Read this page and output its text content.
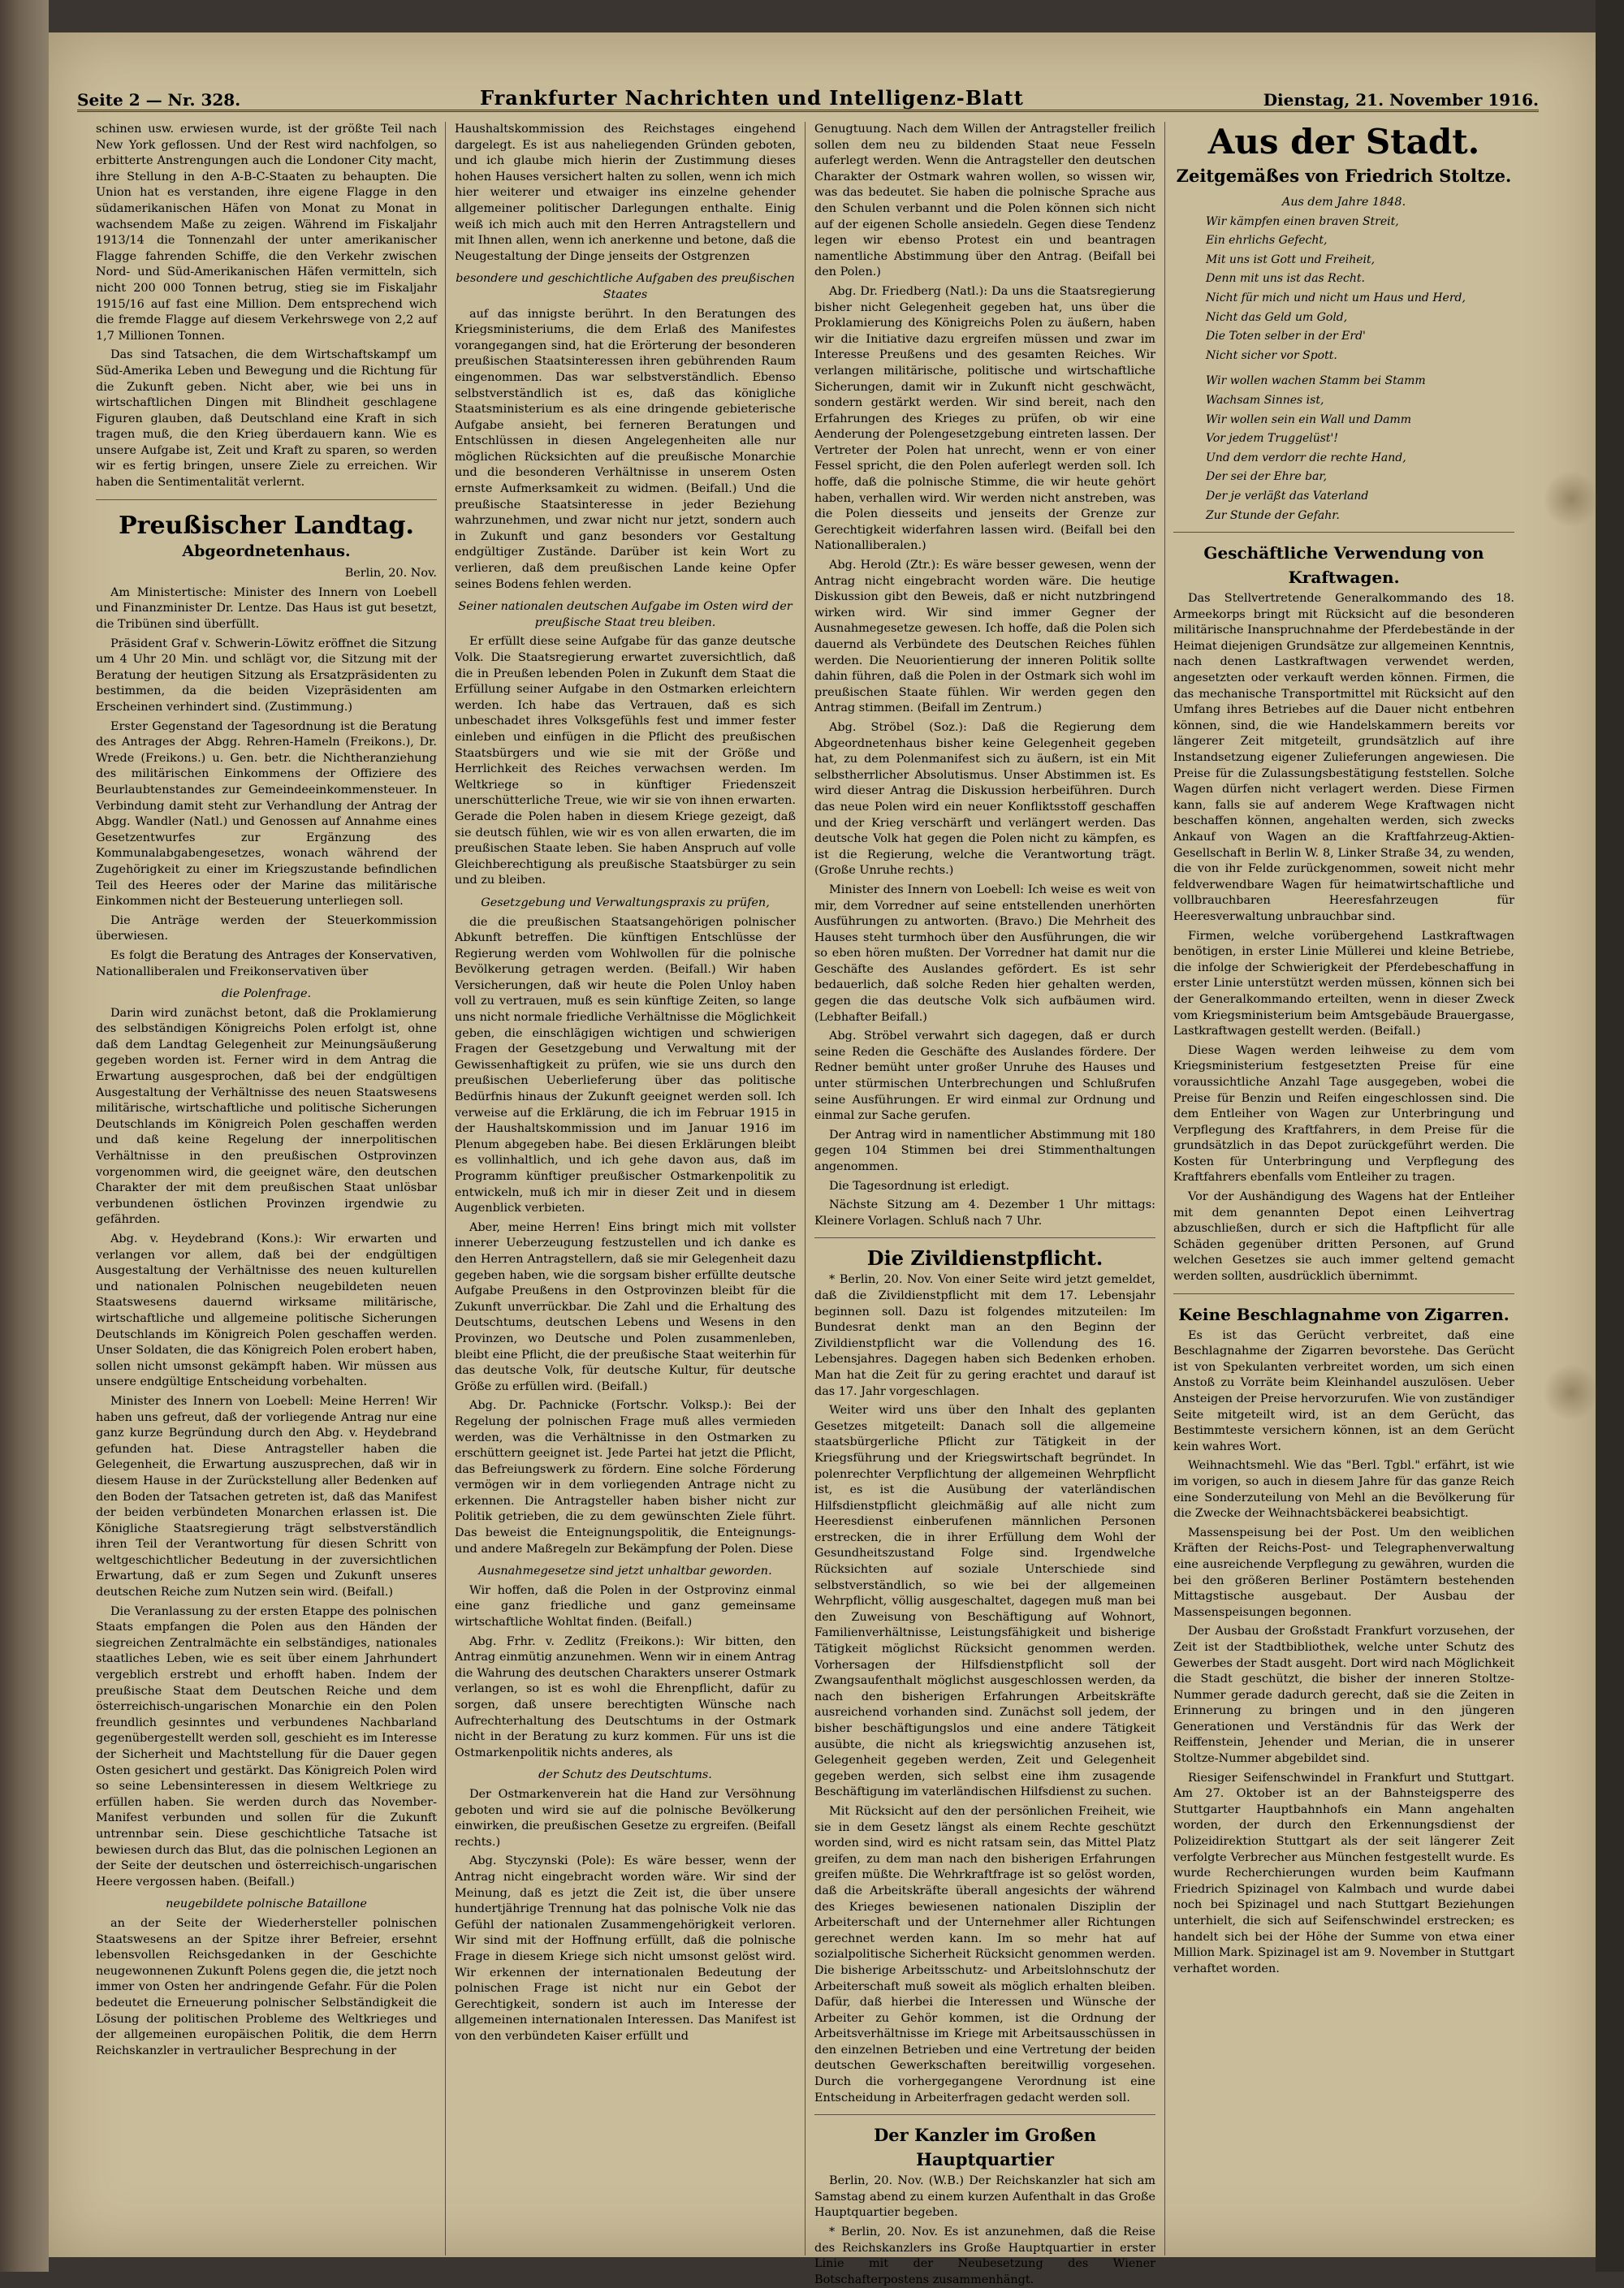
Seite 2 — Nr. 328.	Frankfurter Nachrichten und Intelligenz-Blatt	Dienstag, 21. November 1916.

schinen usw. erwiesen wurde, ist der größte Teil nach New York geflossen. Und der Rest wird nachfolgen, so erbitterte Anstrengungen auch die Londoner City macht, ihre Stellung in den A-B-C-Staaten zu behaupten. Die Union hat es verstanden, ihre eigene Flagge in den südamerikanischen Häfen von Monat zu Monat in wachsendem Maße zu zeigen. Während im Fiskaljahr 1913/14 die Tonnenzahl der unter amerikanischer Flagge fahrenden Schiffe, die den Verkehr zwischen Nord- und Süd-Amerikanischen Häfen vermitteln, sich nicht 200 000 Tonnen betrug, stieg sie im Fiskaljahr 1915/16 auf fast eine Million. Dem entsprechend wich die fremde Flagge auf diesem Verkehrswege von 2,2 auf 1,7 Millionen Tonnen.

Das sind Tatsachen, die dem Wirtschaftskampf um Süd-Amerika Leben und Bewegung und die Richtung für die Zukunft geben. Nicht aber, wie bei uns in wirtschaftlichen Dingen mit Blindheit geschlagene Figuren glauben, daß Deutschland eine Kraft in sich tragen muß, die den Krieg überdauern kann. Wie es unsere Aufgabe ist, Zeit und Kraft zu sparen, so werden wir es fertig bringen, unsere Ziele zu erreichen. Wir haben die Sentimentalität verlernt.

Preußischer Landtag.
Abgeordnetenhaus.

Berlin, 20. Nov.

Am Ministertische: Minister des Innern von Loebell und Finanzminister Dr. Lentze. Das Haus ist gut besetzt, die Tribünen sind überfüllt.

Präsident Graf v. Schwerin-Löwitz eröffnet die Sitzung um 4 Uhr 20 Min. und schlägt vor, die Sitzung mit der Beratung der heutigen Sitzung als Ersatzpräsidenten zu bestimmen, da die beiden Vizepräsidenten am Erscheinen verhindert sind. (Zustimmung.)

Erster Gegenstand der Tagesordnung ist die Beratung des Antrages der Abgg. Rehren-Hameln (Freikons.), Dr. Wrede (Freikons.) u. Gen. betr. die Nichtheranziehung des militärischen Einkommens der Offiziere des Beurlaubtenstandes zur Gemeindeeinkommensteuer. In Verbindung damit steht zur Verhandlung der Antrag der Abgg. Wandler (Natl.) und Genossen auf Annahme eines Gesetzentwurfes zur Ergänzung des Kommunalabgabengesetzes, wonach während der Zugehörigkeit zu einer im Kriegszustande befindlichen Teil des Heeres oder der Marine das militärische Einkommen nicht der Besteuerung unterliegen soll.

Die Anträge werden der Steuerkommission überwiesen.

Es folgt die Beratung des Antrages der Konservativen, Nationalliberalen und Freikonservativen über

die Polenfrage.

Darin wird zunächst betont, daß die Proklamierung des selbständigen Königreichs Polen erfolgt ist, ohne daß dem Landtag Gelegenheit zur Meinungsäußerung gegeben worden ist. Ferner wird in dem Antrag die Erwartung ausgesprochen, daß bei der endgültigen Ausgestaltung der Verhältnisse des neuen Staatswesens militärische, wirtschaftliche und politische Sicherungen Deutschlands im Königreich Polen geschaffen werden und daß keine Regelung der innerpolitischen Verhältnisse in den preußischen Ostprovinzen vorgenommen wird, die geeignet wäre, den deutschen Charakter der mit dem preußischen Staat unlösbar verbundenen östlichen Provinzen irgendwie zu gefährden.

Abg. v. Heydebrand (Kons.): Wir erwarten und verlangen vor allem, daß bei der endgültigen Ausgestaltung der Verhältnisse des neuen kulturellen und nationalen Polnischen neugebildeten neuen Staatswesens dauernd wirksame militärische, wirtschaftliche und allgemeine politische Sicherungen Deutschlands im Königreich Polen geschaffen werden. Unser Soldaten, die das Königreich Polen erobert haben, sollen nicht umsonst gekämpft haben. Wir müssen aus unsere endgültige Entscheidung vorbehalten.

Minister des Innern von Loebell: Meine Herren! Wir haben uns gefreut, daß der vorliegende Antrag nur eine ganz kurze Begründung durch den Abg. v. Heydebrand gefunden hat. Diese Antragsteller haben die Gelegenheit, die Erwartung auszusprechen, daß wir in diesem Hause in der Zurückstellung aller Bedenken auf den Boden der Tatsachen getreten ist, daß das Manifest der beiden verbündeten Monarchen erlassen ist. Die Königliche Staatsregierung trägt selbstverständlich ihren Teil der Verantwortung für diesen Schritt von weltgeschichtlicher Bedeutung in der zuversichtlichen Erwartung, daß er zum Segen und Zukunft unseres deutschen Reiche zum Nutzen sein wird. (Beifall.)

Die Veranlassung zu der ersten Etappe des polnischen Staats empfangen die Polen aus den Händen der siegreichen Zentralmächte ein selbständiges, nationales staatliches Leben, wie es seit über einem Jahrhundert vergeblich erstrebt und erhofft haben. Indem der preußische Staat dem Deutschen Reiche und dem österreichisch-ungarischen Monarchie ein den Polen freundlich gesinntes und verbundenes Nachbarland gegenübergestellt werden soll, geschieht es im Interesse der Sicherheit und Machtstellung für die Dauer gegen Osten gesichert und gestärkt. Das Königreich Polen wird so seine Lebensinteressen in diesem Weltkriege zu erfüllen haben. Sie werden durch das November-Manifest verbunden und sollen für die Zukunft untrennbar sein. Diese geschichtliche Tatsache ist bewiesen durch das Blut, das die polnischen Legionen an der Seite der deutschen und österreichisch-ungarischen Heere vergossen haben. (Beifall.)

neugebildete polnische Bataillone

an der Seite der Wiederhersteller polnischen Staatswesens an der Spitze ihrer Befreier, ersehnt lebensvollen Reichsgedanken in der Geschichte neugewonnenen Zukunft Polens gegen die, die jetzt noch immer von Osten her andringende Gefahr. Für die Polen bedeutet die Erneuerung polnischer Selbständigkeit die Lösung der politischen Probleme des Weltkrieges und der allgemeinen europäischen Politik, die dem Herrn Reichskanzler in vertraulicher Besprechung in der

Haushaltskommission des Reichstages eingehend dargelegt. Es ist aus naheliegenden Gründen geboten, und ich glaube mich hierin der Zustimmung dieses hohen Hauses versichert halten zu sollen, wenn ich mich hier weiterer und etwaiger ins einzelne gehender allgemeiner politischer Darlegungen enthalte. Einig weiß ich mich auch mit den Herren Antragstellern und mit Ihnen allen, wenn ich anerkenne und betone, daß die Neugestaltung der Dinge jenseits der Ostgrenzen

besondere und geschichtliche Aufgaben des preußischen Staates

auf das innigste berührt. In den Beratungen des Kriegsministeriums, die dem Erlaß des Manifestes vorangegangen sind, hat die Erörterung der besonderen preußischen Staatsinteressen ihren gebührenden Raum eingenommen. Das war selbstverständlich. Ebenso selbstverständlich ist es, daß das königliche Staatsministerium es als eine dringende gebieterische Aufgabe ansieht, bei ferneren Beratungen und Entschlüssen in diesen Angelegenheiten alle nur möglichen Rücksichten auf die preußische Monarchie und die besonderen Verhältnisse in unserem Osten ernste Aufmerksamkeit zu widmen. (Beifall.) Und die preußische Staatsinteresse in jeder Beziehung wahrzunehmen, und zwar nicht nur jetzt, sondern auch in Zukunft und ganz besonders vor Gestaltung endgültiger Zustände. Darüber ist kein Wort zu verlieren, daß dem preußischen Lande keine Opfer seines Bodens fehlen werden.

Seiner nationalen deutschen Aufgabe im Osten wird der preußische Staat treu bleiben.

Er erfüllt diese seine Aufgabe für das ganze deutsche Volk. Die Staatsregierung erwartet zuversichtlich, daß die in Preußen lebenden Polen in Zukunft dem Staat die Erfüllung seiner Aufgabe in den Ostmarken erleichtern werden. Ich habe das Vertrauen, daß es sich unbeschadet ihres Volksgefühls fest und immer fester einleben und einfügen in die Pflicht des preußischen Staatsbürgers und wie sie mit der Größe und Herrlichkeit des Reiches verwachsen werden. Im Weltkriege so in künftiger Friedenszeit unerschütterliche Treue, wie wir sie von ihnen erwarten. Gerade die Polen haben in diesem Kriege gezeigt, daß sie deutsch fühlen, wie wir es von allen erwarten, die im preußischen Staate leben. Sie haben Anspruch auf volle Gleichberechtigung als preußische Staatsbürger zu sein und zu bleiben.

Gesetzgebung und Verwaltungspraxis zu prüfen,

die die preußischen Staatsangehörigen polnischer Abkunft betreffen. Die künftigen Entschlüsse der Regierung werden vom Wohlwollen für die polnische Bevölkerung getragen werden. (Beifall.) Wir haben Versicherungen, daß wir heute die Polen Unloy haben voll zu vertrauen, muß es sein künftige Zeiten, so lange uns nicht normale friedliche Verhältnisse die Möglichkeit geben, die einschlägigen wichtigen und schwierigen Fragen der Gesetzgebung und Verwaltung mit der Gewissenhaftigkeit zu prüfen, wie sie uns durch den preußischen Ueberlieferung über das politische Bedürfnis hinaus der Zukunft geeignet werden soll. Ich verweise auf die Erklärung, die ich im Februar 1915 in der Haushaltskommission und im Januar 1916 im Plenum abgegeben habe. Bei diesen Erklärungen bleibt es vollinhaltlich, und ich gehe davon aus, daß im Programm künftiger preußischer Ostmarkenpolitik zu entwickeln, muß ich mir in dieser Zeit und in diesem Augenblick verbieten.

Aber, meine Herren! Eins bringt mich mit vollster innerer Ueberzeugung festzustellen und ich danke es den Herren Antragstellern, daß sie mir Gelegenheit dazu gegeben haben, wie die sorgsam bisher erfüllte deutsche Aufgabe Preußens in den Ostprovinzen bleibt für die Zukunft unverrückbar. Die Zahl und die Erhaltung des Deutschtums, deutschen Lebens und Wesens in den Provinzen, wo Deutsche und Polen zusammenleben, bleibt eine Pflicht, die der preußische Staat weiterhin für das deutsche Volk, für deutsche Kultur, für deutsche Größe zu erfüllen wird. (Beifall.)

Abg. Dr. Pachnicke (Fortschr. Volksp.): Bei der Regelung der polnischen Frage muß alles vermieden werden, was die Verhältnisse in den Ostmarken zu erschüttern geeignet ist. Jede Partei hat jetzt die Pflicht, das Befreiungswerk zu fördern. Eine solche Förderung vermögen wir in dem vorliegenden Antrage nicht zu erkennen. Die Antragsteller haben bisher nicht zur Politik getrieben, die zu dem gewünschten Ziele führt. Das beweist die Enteignungspolitik, die Enteignungs- und andere Maßregeln zur Bekämpfung der Polen. Diese

Ausnahmegesetze sind jetzt unhaltbar geworden.

Wir hoffen, daß die Polen in der Ostprovinz einmal eine ganz friedliche und ganz gemeinsame wirtschaftliche Wohltat finden. (Beifall.)

Abg. Frhr. v. Zedlitz (Freikons.): Wir bitten, den Antrag einmütig anzunehmen. Wenn wir in einem Antrag die Wahrung des deutschen Charakters unserer Ostmark verlangen, so ist es wohl die Ehrenpflicht, dafür zu sorgen, daß unsere berechtigten Wünsche nach Aufrechterhaltung des Deutschtums in der Ostmark nicht in der Beratung zu kurz kommen. Für uns ist die Ostmarkenpolitik nichts anderes, als

der Schutz des Deutschtums.

Der Ostmarkenverein hat die Hand zur Versöhnung geboten und wird sie auf die polnische Bevölkerung einwirken, die preußischen Gesetze zu ergreifen. (Beifall rechts.)

Abg. Styczynski (Pole): Es wäre besser, wenn der Antrag nicht eingebracht worden wäre. Wir sind der Meinung, daß es jetzt die Zeit ist, die über unsere hundertjährige Trennung hat das polnische Volk nie das Gefühl der nationalen Zusammengehörigkeit verloren. Wir sind mit der Hoffnung erfüllt, daß die polnische Frage in diesem Kriege sich nicht umsonst gelöst wird. Wir erkennen der internationalen Bedeutung der polnischen Frage ist nicht nur ein Gebot der Gerechtigkeit, sondern ist auch im Interesse der allgemeinen internationalen Interessen. Das Manifest ist von den verbündeten Kaiser erfüllt und

Genugtuung. Nach dem Willen der Antragsteller freilich sollen dem neu zu bildenden Staat neue Fesseln auferlegt werden. Wenn die Antragsteller den deutschen Charakter der Ostmark wahren wollen, so wissen wir, was das bedeutet. Sie haben die polnische Sprache aus den Schulen verbannt und die Polen können sich nicht auf der eigenen Scholle ansiedeln. Gegen diese Tendenz legen wir ebenso Protest ein und beantragen namentliche Abstimmung über den Antrag. (Beifall bei den Polen.)

Abg. Dr. Friedberg (Natl.): Da uns die Staatsregierung bisher nicht Gelegenheit gegeben hat, uns über die Proklamierung des Königreichs Polen zu äußern, haben wir die Initiative dazu ergreifen müssen und zwar im Interesse Preußens und des gesamten Reiches. Wir verlangen militärische, politische und wirtschaftliche Sicherungen, damit wir in Zukunft nicht geschwächt, sondern gestärkt werden. Wir sind bereit, nach den Erfahrungen des Krieges zu prüfen, ob wir eine Aenderung der Polengesetzgebung eintreten lassen. Der Vertreter der Polen hat unrecht, wenn er von einer Fessel spricht, die den Polen auferlegt werden soll. Ich hoffe, daß die polnische Stimme, die wir heute gehört haben, verhallen wird. Wir werden nicht anstreben, was die Polen diesseits und jenseits der Grenze zur Gerechtigkeit widerfahren lassen wird. (Beifall bei den Nationalliberalen.)

Abg. Herold (Ztr.): Es wäre besser gewesen, wenn der Antrag nicht eingebracht worden wäre. Die heutige Diskussion gibt den Beweis, daß er nicht nutzbringend wirken wird. Wir sind immer Gegner der Ausnahmegesetze gewesen. Ich hoffe, daß die Polen sich dauernd als Verbündete des Deutschen Reiches fühlen werden. Die Neuorientierung der inneren Politik sollte dahin führen, daß die Polen in der Ostmark sich wohl im preußischen Staate fühlen. Wir werden gegen den Antrag stimmen. (Beifall im Zentrum.)

Abg. Ströbel (Soz.): Daß die Regierung dem Abgeordnetenhaus bisher keine Gelegenheit gegeben hat, zu dem Polenmanifest sich zu äußern, ist ein Mit selbstherrlicher Absolutismus. Unser Abstimmen ist. Es wird dieser Antrag die Diskussion herbeiführen. Durch das neue Polen wird ein neuer Konfliktsstoff geschaffen und der Krieg verschärft und verlängert werden. Das deutsche Volk hat gegen die Polen nicht zu kämpfen, es ist die Regierung, welche die Verantwortung trägt. (Große Unruhe rechts.)

Minister des Innern von Loebell: Ich weise es weit von mir, dem Vorredner auf seine entstellenden unerhörten Ausführungen zu antworten. (Bravo.) Die Mehrheit des Hauses steht turmhoch über den Ausführungen, die wir so eben hören mußten. Der Vorredner hat damit nur die Geschäfte des Auslandes gefördert. Es ist sehr bedauerlich, daß solche Reden hier gehalten werden, gegen die das deutsche Volk sich aufbäumen wird. (Lebhafter Beifall.)

Abg. Ströbel verwahrt sich dagegen, daß er durch seine Reden die Geschäfte des Auslandes fördere. Der Redner bemüht unter großer Unruhe des Hauses und unter stürmischen Unterbrechungen und Schlußrufen seine Ausführungen. Er wird einmal zur Ordnung und einmal zur Sache gerufen.

Der Antrag wird in namentlicher Abstimmung mit 180 gegen 104 Stimmen bei drei Stimmenthaltungen angenommen.

Die Tagesordnung ist erledigt.

Nächste Sitzung am 4. Dezember 1 Uhr mittags: Kleinere Vorlagen. Schluß nach 7 Uhr.

Die Zivildienstpflicht.

* Berlin, 20. Nov. Von einer Seite wird jetzt gemeldet, daß die Zivildienstpflicht mit dem 17. Lebensjahr beginnen soll. Dazu ist folgendes mitzuteilen: Im Bundesrat denkt man an den Beginn der Zivildienstpflicht war die Vollendung des 16. Lebensjahres. Dagegen haben sich Bedenken erhoben. Man hat die Zeit für zu gering erachtet und darauf ist das 17. Jahr vorgeschlagen.

Weiter wird uns über den Inhalt des geplanten Gesetzes mitgeteilt: Danach soll die allgemeine staatsbürgerliche Pflicht zur Tätigkeit in der Kriegsführung und der Kriegswirtschaft begründet. In polenrechter Verpflichtung der allgemeinen Wehrpflicht ist, es ist die Ausübung der vaterländischen Hilfsdienstpflicht gleichmäßig auf alle nicht zum Heeresdienst einberufenen männlichen Personen erstrecken, die in ihrer Erfüllung dem Wohl der Gesundheitszustand Folge sind. Irgendwelche Rücksichten auf soziale Unterschiede sind selbstverständlich, so wie bei der allgemeinen Wehrpflicht, völlig ausgeschaltet, dagegen muß man bei den Zuweisung von Beschäftigung auf Wohnort, Familienverhältnisse, Leistungsfähigkeit und bisherige Tätigkeit möglichst Rücksicht genommen werden. Vorhersagen der Hilfsdienstpflicht soll der Zwangsaufenthalt möglichst ausgeschlossen werden, da nach den bisherigen Erfahrungen Arbeitskräfte ausreichend vorhanden sind. Zunächst soll jedem, der bisher beschäftigungslos und eine andere Tätigkeit ausübte, die nicht als kriegswichtig anzusehen ist, Gelegenheit gegeben werden, Zeit und Gelegenheit gegeben werden, sich selbst eine ihm zusagende Beschäftigung im vaterländischen Hilfsdienst zu suchen.

Mit Rücksicht auf den der persönlichen Freiheit, wie sie in dem Gesetz längst als einem Rechte geschützt worden sind, wird es nicht ratsam sein, das Mittel Platz greifen, zu dem man nach den bisherigen Erfahrungen greifen müßte. Die Wehrkraftfrage ist so gelöst worden, daß die Arbeitskräfte überall angesichts der während des Krieges bewiesenen nationalen Disziplin der Arbeiterschaft und der Unternehmer aller Richtungen gerechnet werden kann. Im so mehr hat auf sozialpolitische Sicherheit Rücksicht genommen werden. Die bisherige Arbeitsschutz- und Arbeitslohnschutz der Arbeiterschaft muß soweit als möglich erhalten bleiben. Dafür, daß hierbei die Interessen und Wünsche der Arbeiter zu Gehör kommen, ist die Ordnung der Arbeitsverhältnisse im Kriege mit Arbeitsausschüssen in den einzelnen Betrieben und eine Vertretung der beiden deutschen Gewerkschaften bereitwillig vorgesehen. Durch die vorhergegangene Verordnung ist eine Entscheidung in Arbeiterfragen gedacht werden soll.

Der Kanzler im Großen Hauptquartier

Berlin, 20. Nov. (W.B.) Der Reichskanzler hat sich am Samstag abend zu einem kurzen Aufenthalt in das Große Hauptquartier begeben.

* Berlin, 20. Nov. Es ist anzunehmen, daß die Reise des Reichskanzlers ins Große Hauptquartier in erster Linie mit der Neubesetzung des Wiener Botschafterpostens zusammenhängt.

Aus der Stadt.
Zeitgemäßes von Friedrich Stoltze.
Aus dem Jahre 1848.

Wir kämpfen einen braven Streit,

Ein ehrlichs Gefecht,

Mit uns ist Gott und Freiheit,

Denn mit uns ist das Recht.

Nicht für mich und nicht um Haus und Herd,

Nicht das Geld um Gold,

Die Toten selber in der Erd'

Nicht sicher vor Spott.

Wir wollen wachen Stamm bei Stamm

Wachsam Sinnes ist,

Wir wollen sein ein Wall und Damm

Vor jedem Truggelüst'!

Und dem verdorr die rechte Hand,

Der sei der Ehre bar,

Der je verläßt das Vaterland

Zur Stunde der Gefahr.

Geschäftliche Verwendung von Kraftwagen.

Das Stellvertretende Generalkommando des 18. Armeekorps bringt mit Rücksicht auf die besonderen militärische Inanspruchnahme der Pferdebestände in der Heimat diejenigen Grundsätze zur allgemeinen Kenntnis, nach denen Lastkraftwagen verwendet werden, angesetzten oder verkauft werden können. Firmen, die das mechanische Transportmittel mit Rücksicht auf den Umfang ihres Betriebes auf die Dauer nicht entbehren können, sind, die wie Handelskammern bereits vor längerer Zeit mitgeteilt, grundsätzlich auf ihre Instandsetzung eigener Zulieferungen angewiesen. Die Preise für die Zulassungsbestätigung feststellen. Solche Wagen dürfen nicht verlagert werden. Diese Firmen kann, falls sie auf anderem Wege Kraftwagen nicht beschaffen können, angehalten werden, sich zwecks Ankauf von Wagen an die Kraftfahrzeug-Aktien-Gesellschaft in Berlin W. 8, Linker Straße 34, zu wenden, die von ihr Felde zurückgenommen, soweit nicht mehr feldverwendbare Wagen für heimatwirtschaftliche und vollbrauchbaren Heeresfahrzeugen für Heeresverwaltung unbrauchbar sind.

Firmen, welche vorübergehend Lastkraftwagen benötigen, in erster Linie Müllerei und kleine Betriebe, die infolge der Schwierigkeit der Pferdebeschaffung in erster Linie unterstützt werden müssen, können sich bei der Generalkommando erteilten, wenn in dieser Zweck vom Kriegsministerium beim Amtsgebäude Brauergasse, Lastkraftwagen gestellt werden. (Beifall.)

Diese Wagen werden leihweise zu dem vom Kriegsministerium festgesetzten Preise für eine voraussichtliche Anzahl Tage ausgegeben, wobei die Preise für Benzin und Reifen eingeschlossen sind. Die dem Entleiher von Wagen zur Unterbringung und Verpflegung des Kraftfahrers, in dem Preise für die grundsätzlich in das Depot zurückgeführt werden. Die Kosten für Unterbringung und Verpflegung des Kraftfahrers ebenfalls vom Entleiher zu tragen.

Vor der Aushändigung des Wagens hat der Entleiher mit dem genannten Depot einen Leihvertrag abzuschließen, durch er sich die Haftpflicht für alle Schäden gegenüber dritten Personen, auf Grund welchen Gesetzes sie auch immer geltend gemacht werden sollten, ausdrücklich übernimmt.

Keine Beschlagnahme von Zigarren.

Es ist das Gerücht verbreitet, daß eine Beschlagnahme der Zigarren bevorstehe. Das Gerücht ist von Spekulanten verbreitet worden, um sich einen Anstoß zu Vorräte beim Kleinhandel auszulösen. Ueber Ansteigen der Preise hervorzurufen. Wie von zuständiger Seite mitgeteilt wird, ist an dem Gerücht, das Bestimmteste versichern können, ist an dem Gerücht kein wahres Wort.

Weihnachtsmehl. Wie das "Berl. Tgbl." erfährt, ist wie im vorigen, so auch in diesem Jahre für das ganze Reich eine Sonderzuteilung von Mehl an die Bevölkerung für die Zwecke der Weihnachtsbäckerei beabsichtigt.

Massenspeisung bei der Post. Um den weiblichen Kräften der Reichs-Post- und Telegraphenverwaltung eine ausreichende Verpflegung zu gewähren, wurden die bei den größeren Berliner Postämtern bestehenden Mittagstische ausgebaut. Der Ausbau der Massenspeisungen begonnen.

Der Ausbau der Großstadt Frankfurt vorzusehen, der Zeit ist der Stadtbibliothek, welche unter Schutz des Gewerbes der Stadt ausgeht. Dort wird nach Möglichkeit die Stadt geschützt, die bisher der inneren Stoltze-Nummer gerade dadurch gerecht, daß sie die Zeiten in Erinnerung zu bringen und in den jüngeren Generationen und Verständnis für das Werk der Reiffenstein, Jehender und Merian, die in unserer Stoltze-Nummer abgebildet sind.

Riesiger Seifenschwindel in Frankfurt und Stuttgart. Am 27. Oktober ist an der Bahnsteigsperre des Stuttgarter Hauptbahnhofs ein Mann angehalten worden, der durch den Erkennungsdienst der Polizeidirektion Stuttgart als der seit längerer Zeit verfolgte Verbrecher aus München festgestellt wurde. Es wurde Recherchierungen wurden beim Kaufmann Friedrich Spizinagel von Kalmbach und wurde dabei noch bei Spizinagel und nach Stuttgart Beziehungen unterhielt, die sich auf Seifenschwindel erstrecken; es handelt sich bei der Höhe der Summe von etwa einer Million Mark. Spizinagel ist am 9. November in Stuttgart verhaftet worden.
